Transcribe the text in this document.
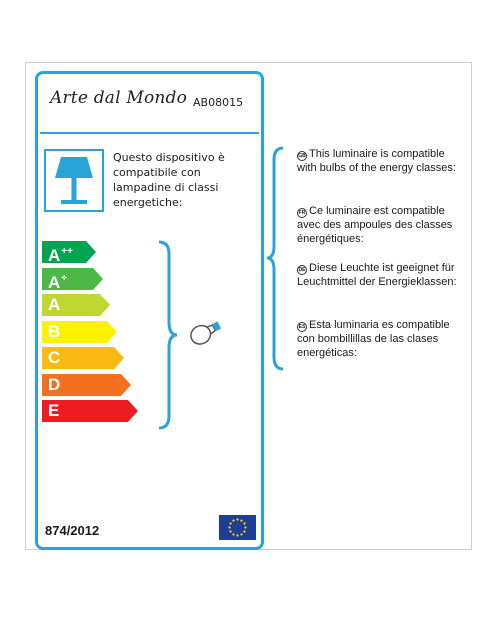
Arte dal Mondo AB08015
Questo dispositivo è compatibile con lampadine di classi energetiche:
A++
A+
A
B
C
D
E
874/2012
GB This luminaire is compatible with bulbs of the energy classes:
FR Ce luminaire est compatible avec des ampoules des classes énergétiques:
DE Diese Leuchte ist geeignet für Leuchtmittel der Energieklassen:
ES Esta luminaria es compatible con bombillillas de las clases energéticas:
